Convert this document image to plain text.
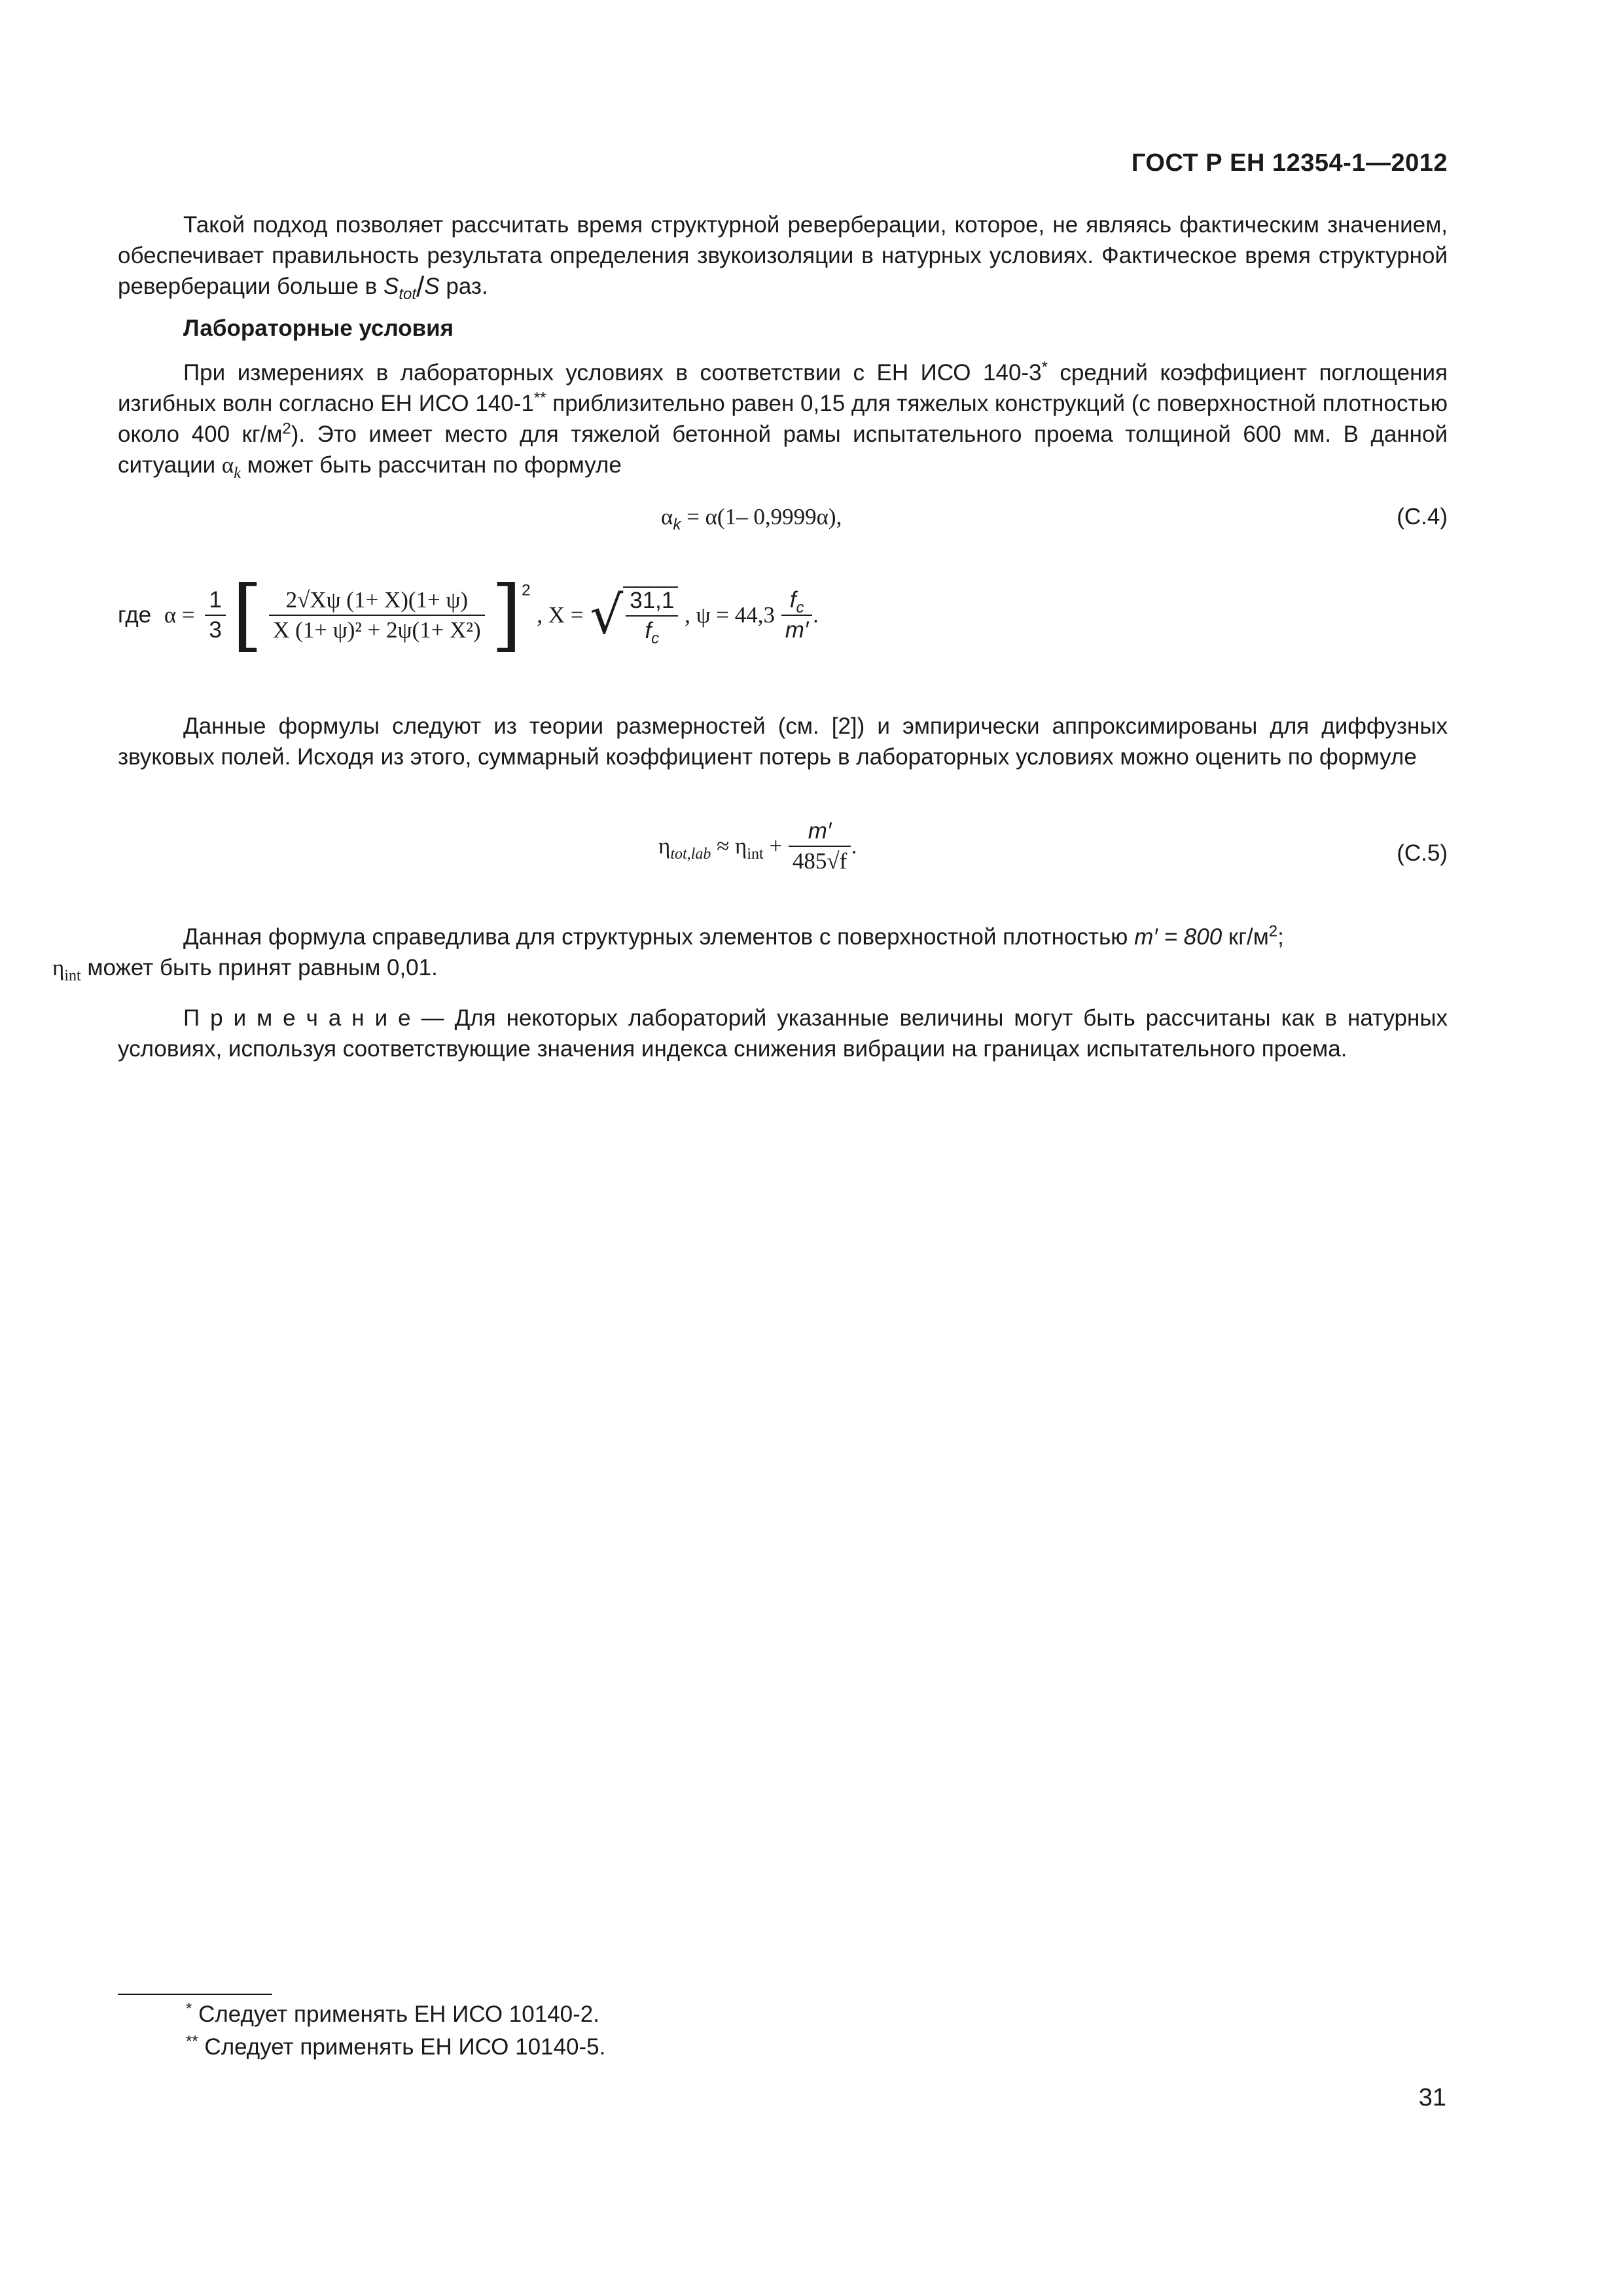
ГОСТ Р ЕН 12354-1—2012

Такой подход позволяет рассчитать время структурной реверберации, которое, не являясь фактическим значением, обеспечивает правильность результата определения звукоизоляции в натурных условиях. Фактическое время структурной реверберации больше в $S_{tot}/S$ раз.

Лабораторные условия

При измерениях в лабораторных условиях в соответствии с ЕН ИСО 140-3* средний коэффициент поглощения изгибных волн согласно ЕН ИСО 140-1** приблизительно равен 0,15 для тяжелых конструкций (с поверхностной плотностью около 400 $кг/м^2$). Это имеет место для тяжелой бетонной рамы испытательного проема толщиной 600 мм. В данной ситуации $\alpha_k$ может быть рассчитан по формуле

$\alpha_k = \alpha(1-$ 0,9999α),	(С.4)
где $\alpha = \frac{1}{3}$ [ $\frac{2√X\psi (1+ X)(1+ \psi)}{\text{X (1+ ψ)² + 2ψ(1+ X²)}} ]^2$ , X = √ $\frac{31,1}{f_c}$ , $\psi = 44,3 \frac{f_c}{m'}$ .

Данные формулы следуют из теории размерностей (см. [2]) и эмпирически аппроксимированы для диффузных звуковых полей. Исходя из этого, суммарный коэффициент потерь в лабораторных условиях можно оценить по формуле

$\eta_{tot,lab} \approx \eta_{int} + \frac{m'}{485√f}$ .	(С.5)

Данная формула справедлива для структурных элементов с поверхностной плотностью m′ = 800 $кг/м^2$;
$\eta_{int}$ может быть принят равным 0,01.

П р и м е ч а н и е — Для некоторых лабораторий указанные величины могут быть рассчитаны как в натурных условиях, используя соответствующие значения индекса снижения вибрации на границах испытательного проема.

* Следует применять ЕН ИСО 10140-2.
** Следует применять ЕН ИСО 10140-5.
31
